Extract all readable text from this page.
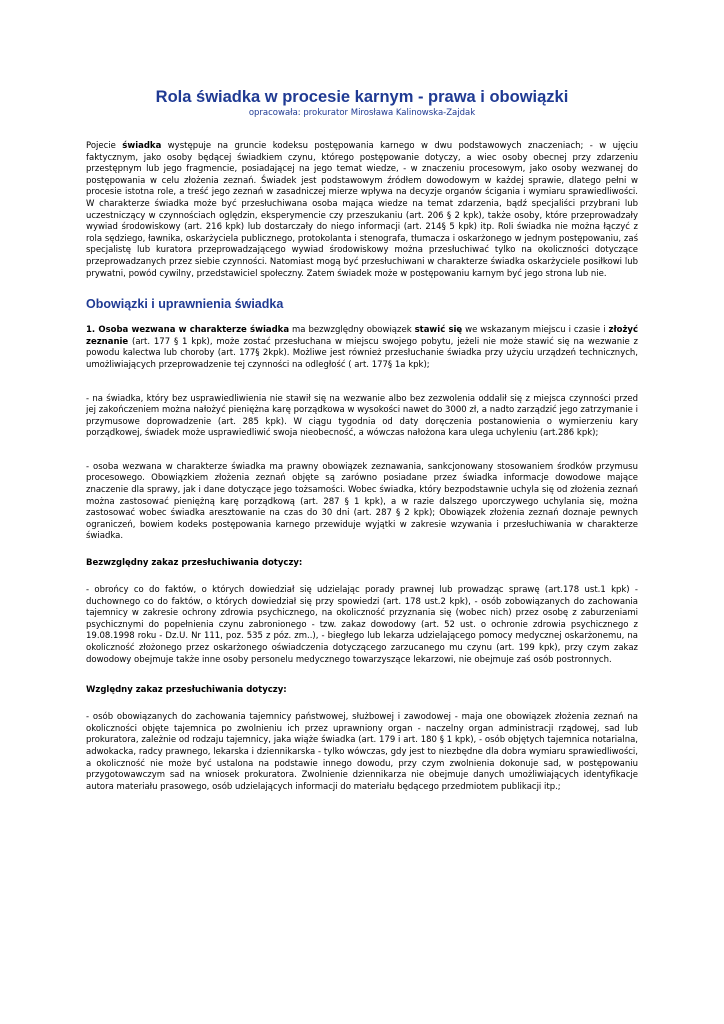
Rola świadka w procesie karnym - prawa i obowiązki

opracowała: prokurator Mirosława Kalinowska-Zajdak

Pojecie świadka występuje na gruncie kodeksu postępowania karnego w dwu podstawowych znaczeniach; - w ujęciu faktycznym, jako osoby będącej świadkiem czynu, którego postępowanie dotyczy, a wiec osoby obecnej przy zdarzeniu przestępnym lub jego fragmencie, posiadającej na jego temat wiedze, - w znaczeniu procesowym, jako osoby wezwanej do postępowania w celu złożenia zeznań. Świadek jest podstawowym źródłem dowodowym w każdej sprawie, dlatego pełni w procesie istotna role, a treść jego zeznań w zasadniczej mierze wpływa na decyzje organów ścigania i wymiaru sprawiedliwości. W charakterze świadka może być przesłuchiwana osoba mająca wiedze na temat zdarzenia, bądź specjaliści przybrani lub uczestniczący w czynnościach oględzin, eksperymencie czy przeszukaniu (art. 206 § 2 kpk), także osoby, które przeprowadzały wywiad środowiskowy (art. 216 kpk) lub dostarczały do niego informacji (art. 214§ 5 kpk) itp. Roli świadka nie można łączyć z rola sędziego, ławnika, oskarżyciela publicznego, protokolanta i stenografa, tłumacza i oskarżonego w jednym postępowaniu, zaś specjalistę lub kuratora przeprowadzającego wywiad środowiskowy można przesłuchiwać tylko na okoliczności dotyczące przeprowadzanych przez siebie czynności. Natomiast mogą być przesłuchiwani w charakterze świadka oskarżyciele posiłkowi lub prywatni, powód cywilny, przedstawiciel społeczny. Zatem świadek może w postępowaniu karnym być jego strona lub nie.

Obowiązki i uprawnienia świadka

1. Osoba wezwana w charakterze świadka ma bezwzględny obowiązek stawić się we wskazanym miejscu i czasie i złożyć zeznanie (art. 177 § 1 kpk), może zostać przesłuchana w miejscu swojego pobytu, jeżeli nie może stawić się na wezwanie z powodu kalectwa lub choroby (art. 177§ 2kpk). Możliwe jest również przesłuchanie świadka przy użyciu urządzeń technicznych, umożliwiających przeprowadzenie tej czynności na odległość ( art. 177§ 1a kpk);

- na świadka, który bez usprawiedliwienia nie stawił się na wezwanie albo bez zezwolenia oddalił się z miejsca czynności przed jej zakończeniem można nałożyć pieniężna karę porządkowa w wysokości nawet do 3000 zł, a nadto zarządzić jego zatrzymanie i przymusowe doprowadzenie (art. 285 kpk). W ciągu tygodnia od daty doręczenia postanowienia o wymierzeniu kary porządkowej, świadek może usprawiedliwić swoja nieobecność, a wówczas nałożona kara ulega uchyleniu (art.286 kpk);

- osoba wezwana w charakterze świadka ma prawny obowiązek zeznawania, sankcjonowany stosowaniem środków przymusu procesowego. Obowiązkiem złożenia zeznań objęte są zarówno posiadane przez świadka informacje dowodowe mające znaczenie dla sprawy, jak i dane dotyczące jego tożsamości. Wobec świadka, który bezpodstawnie uchyla się od złożenia zeznań można zastosować pieniężną karę porządkową (art. 287 § 1 kpk), a w razie dalszego uporczywego uchylania się, można zastosować wobec świadka aresztowanie na czas do 30 dni (art. 287 § 2 kpk); Obowiązek złożenia zeznań doznaje pewnych ograniczeń, bowiem kodeks postępowania karnego przewiduje wyjątki w zakresie wzywania i przesłuchiwania w charakterze świadka.

Bezwzględny zakaz przesłuchiwania dotyczy:

- obrońcy co do faktów, o których dowiedział się udzielając porady prawnej lub prowadząc sprawę (art.178 ust.1 kpk) - duchownego co do faktów, o których dowiedział się przy spowiedzi (art. 178 ust.2 kpk), - osób zobowiązanych do zachowania tajemnicy w zakresie ochrony zdrowia psychicznego, na okoliczność przyznania się (wobec nich) przez osobę z zaburzeniami psychicznymi do popełnienia czynu zabronionego - tzw. zakaz dowodowy (art. 52 ust. o ochronie zdrowia psychicznego z 19.08.1998 roku - Dz.U. Nr 111, poz. 535 z póz. zm..), - biegłego lub lekarza udzielającego pomocy medycznej oskarżonemu, na okoliczność złożonego przez oskarżonego oświadczenia dotyczącego zarzucanego mu czynu (art. 199 kpk), przy czym zakaz dowodowy obejmuje także inne osoby personelu medycznego towarzyszące lekarzowi, nie obejmuje zaś osób postronnych.

Względny zakaz przesłuchiwania dotyczy:

- osób obowiązanych do zachowania tajemnicy państwowej, służbowej i zawodowej - maja one obowiązek złożenia zeznań na okoliczności objęte tajemnica po zwolnieniu ich przez uprawniony organ - naczelny organ administracji rządowej, sad lub prokuratora, zależnie od rodzaju tajemnicy, jaka wiąże świadka (art. 179 i art. 180 § 1 kpk), - osób objętych tajemnica notarialna, adwokacka, radcy prawnego, lekarska i dziennikarska - tylko wówczas, gdy jest to niezbędne dla dobra wymiaru sprawiedliwości, a okoliczność nie może być ustalona na podstawie innego dowodu, przy czym zwolnienia dokonuje sad, w postępowaniu przygotowawczym sad na wniosek prokuratora. Zwolnienie dziennikarza nie obejmuje danych umożliwiających identyfikacje autora materiału prasowego, osób udzielających informacji do materiału będącego przedmiotem publikacji itp.;
